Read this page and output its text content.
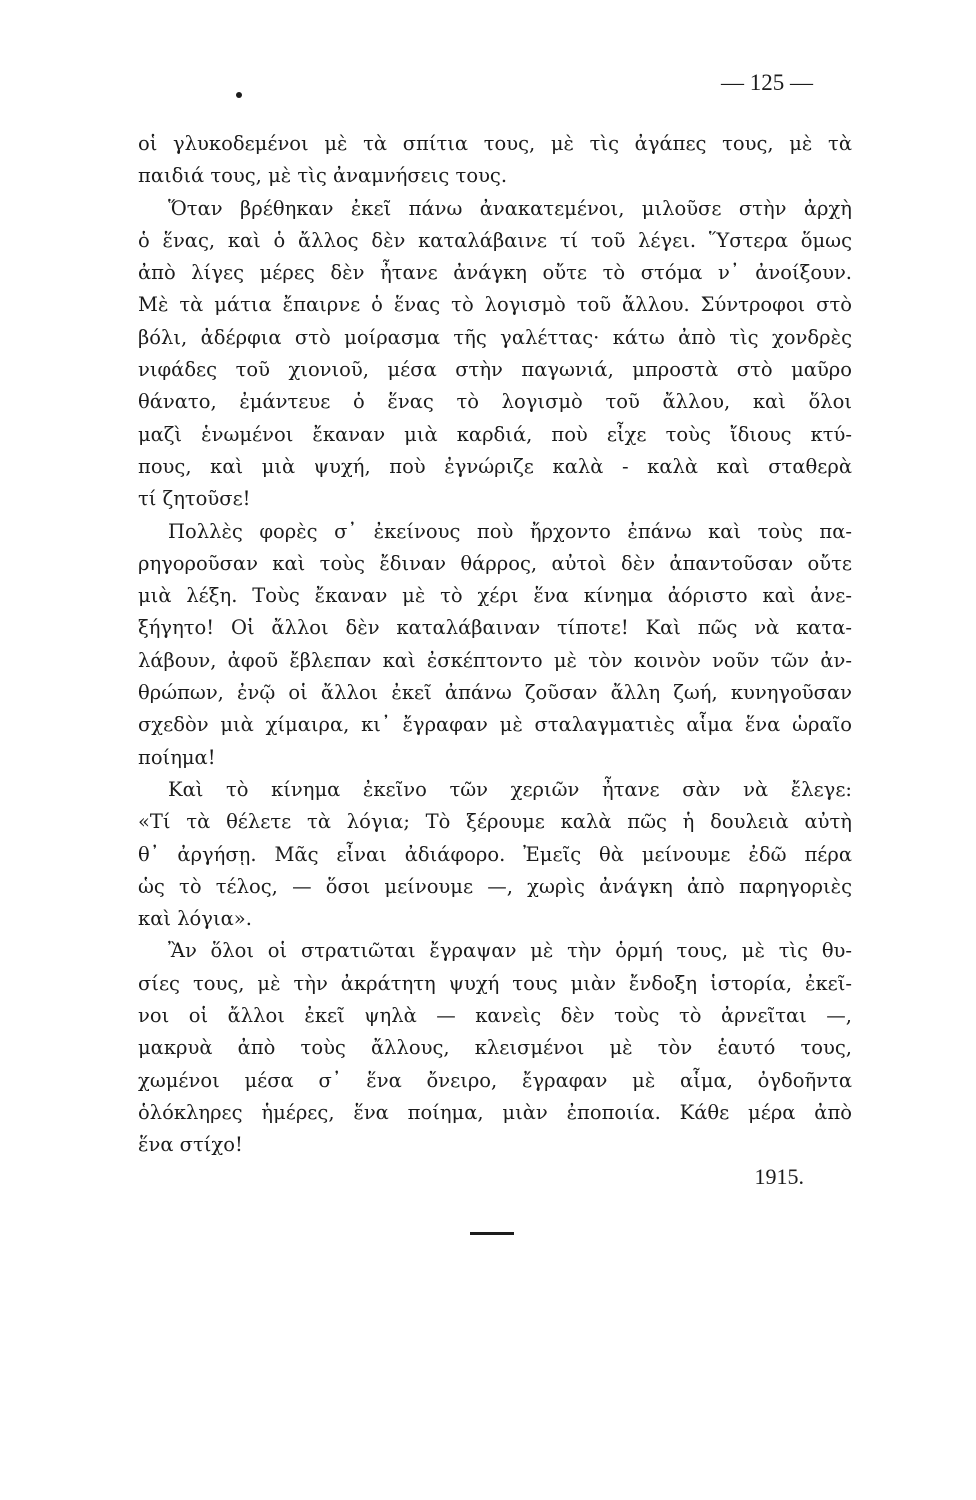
— 125 —
οἱ γλυκοδεμένοι μὲ τὰ σπίτια τους, μὲ τὶς ἀγάπες τους, μὲ τὰ
παιδιά τους, μὲ τὶς ἀναμνήσεις τους.
Ὅταν βρέθηκαν ἐκεῖ πάνω ἀνακατεμένοι, μιλοῦσε στὴν ἀρχὴ
ὁ ἕνας, καὶ ὁ ἄλλος δὲν καταλάβαινε τί τοῦ λέγει. Ὕστερα ὅμως
ἀπὸ λίγες μέρες δὲν ἦτανε ἀνάγκη οὔτε τὸ στόμα ν᾽ ἀνοίξουν.
Μὲ τὰ μάτια ἔπαιρνε ὁ ἕνας τὸ λογισμὸ τοῦ ἄλλου. Σύντροφοι στὸ
βόλι, ἀδέρφια στὸ μοίρασμα τῆς γαλέττας· κάτω ἀπὸ τὶς χονδρὲς
νιφάδες τοῦ χιονιοῦ, μέσα στὴν παγωνιά, μπροστὰ στὸ μαῦρο
θάνατο, ἐμάντευε ὁ ἕνας τὸ λογισμὸ τοῦ ἄλλου, καὶ ὅλοι
μαζὶ ἑνωμένοι ἔκαναν μιὰ καρδιά, ποὺ εἶχε τοὺς ἴδιους κτύ-
πους, καὶ μιὰ ψυχή, ποὺ ἐγνώριζε καλὰ - καλὰ καὶ σταθερὰ
τί ζητοῦσε!
Πολλὲς φορὲς σ᾽ ἐκείνους ποὺ ἤρχοντο ἐπάνω καὶ τοὺς πα-
ρηγοροῦσαν καὶ τοὺς ἔδιναν θάρρος, αὐτοὶ δὲν ἀπαντοῦσαν οὔτε
μιὰ λέξη. Τοὺς ἔκαναν μὲ τὸ χέρι ἕνα κίνημα ἀόριστο καὶ ἀνε-
ξήγητο! Οἱ ἄλλοι δὲν καταλάβαιναν τίποτε! Καὶ πῶς νὰ κατα-
λάβουν, ἀφοῦ ἔβλεπαν καὶ ἐσκέπτοντο μὲ τὸν κοινὸν νοῦν τῶν ἀν-
θρώπων, ἐνῷ οἱ ἄλλοι ἐκεῖ ἀπάνω ζοῦσαν ἄλλη ζωή, κυνηγοῦσαν
σχεδὸν μιὰ χίμαιρα, κι᾽ ἔγραφαν μὲ σταλαγματιὲς αἷμα ἕνα ὡραῖο
ποίημα!
Καὶ τὸ κίνημα ἐκεῖνο τῶν χεριῶν ἦτανε σὰν νὰ ἔλεγε:
«Τί τὰ θέλετε τὰ λόγια; Τὸ ξέρουμε καλὰ πῶς ἡ δουλειὰ αὐτὴ
θ᾽ ἀργήσῃ. Μᾶς εἶναι ἀδιάφορο. Ἐμεῖς θὰ μείνουμε ἐδῶ πέρα
ὡς τὸ τέλος, — ὅσοι μείνουμε —, χωρὶς ἀνάγκη ἀπὸ παρηγοριὲς
καὶ λόγια».
Ἂν ὅλοι οἱ στρατιῶται ἔγραψαν μὲ τὴν ὁρμή τους, μὲ τὶς θυ-
σίες τους, μὲ τὴν ἀκράτητη ψυχή τους μιὰν ἔνδοξη ἱστορία, ἐκεῖ-
νοι οἱ ἄλλοι ἐκεῖ ψηλὰ — κανεὶς δὲν τοὺς τὸ ἀρνεῖται —,
μακρυὰ ἀπὸ τοὺς ἄλλους, κλεισμένοι μὲ τὸν ἑαυτό τους,
χωμένοι μέσα σ᾽ ἕνα ὄνειρο, ἔγραφαν μὲ αἷμα, ὀγδοῆντα
ὁλόκληρες ἡμέρες, ἕνα ποίημα, μιὰν ἐποποιία. Κάθε μέρα ἀπὸ
ἕνα στίχο!
1915.
